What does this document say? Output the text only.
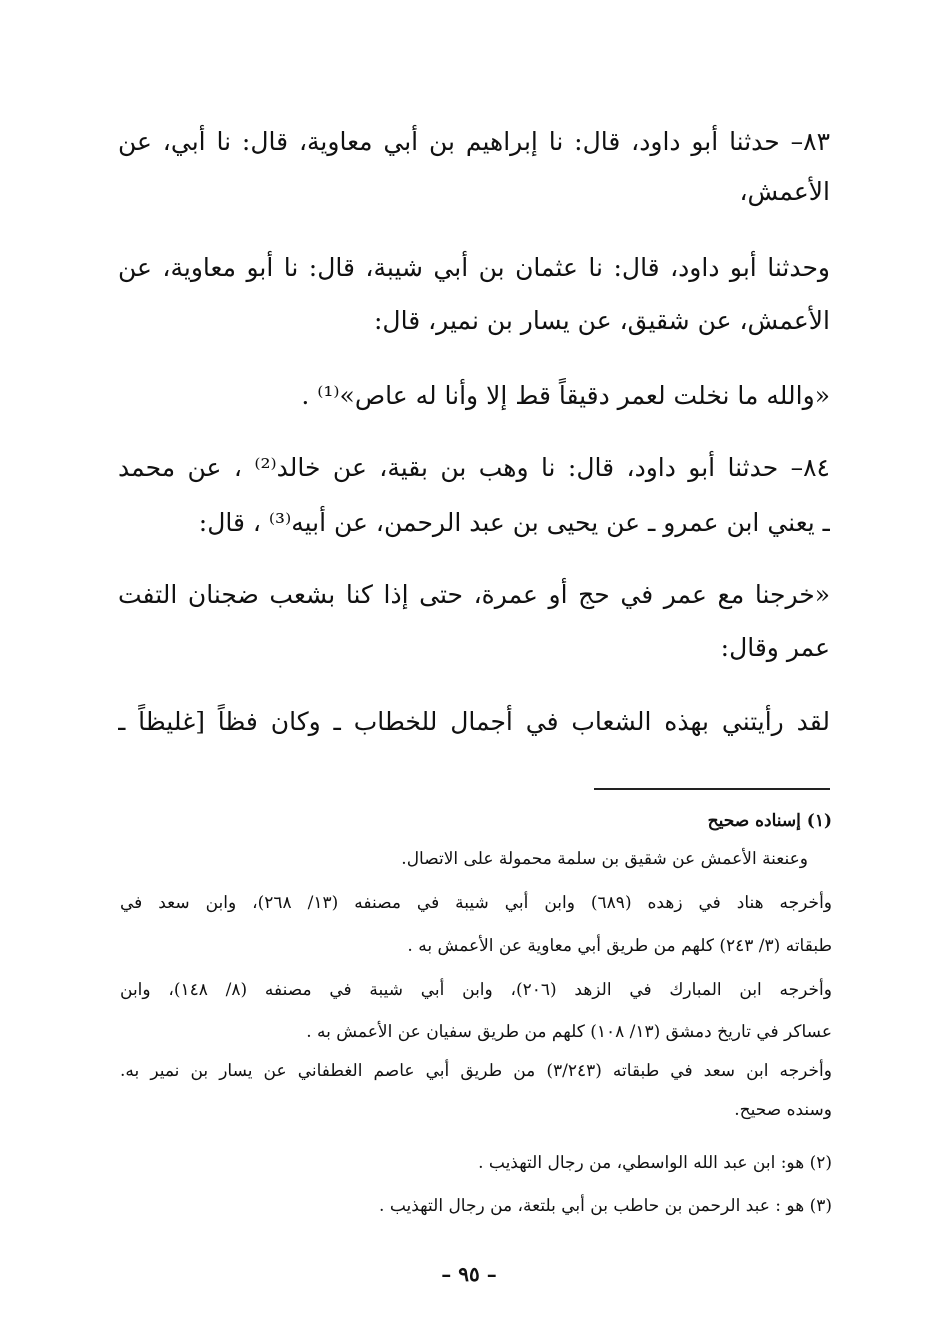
٨٣– حدثنا أبو داود، قال: نا إبراهيم بن أبي معاوية، قال: نا أبي، عن
الأعمش،
وحدثنا أبو داود، قال: نا عثمان بن أبي شيبة، قال: نا أبو معاوية، عن
الأعمش، عن شقيق، عن يسار بن نمير، قال:
«والله ما نخلت لعمر دقيقاً قط إلا وأنا له عاص»⁽¹⁾ .
٨٤– حدثنا أبو داود، قال: نا وهب بن بقية، عن خالد⁽²⁾ ، عن محمد
ـ يعني ابن عمرو ـ عن يحيى بن عبد الرحمن، عن أبيه⁽³⁾ ، قال:
«خرجنا مع عمر في حج أو عمرة، حتى إذا كنا بشعب ضجنان التفت
عمر وقال:
لقد رأيتني بهذه الشعاب في أجمال للخطاب ـ وكان فظاً [غليظاً ـ
(١) إسناده صحيح
وعنعنة الأعمش عن شقيق بن سلمة محمولة على الاتصال.
وأخرجه هناد في زهده (٦٨٩) وابن أبي شيبة في مصنفه (١٣/ ٢٦٨)، وابن سعد في
طبقاته (٣/ ٢٤٣) كلهم من طريق أبي معاوية عن الأعمش به .
وأخرجه ابن المبارك في الزهد (٢٠٦)، وابن أبي شيبة في مصنفه (٨/ ١٤٨)، وابن
عساكر في تاريخ دمشق (١٣/ ١٠٨) كلهم من طريق سفيان عن الأعمش به .
وأخرجه ابن سعد في طبقاته (٣/٢٤٣) من طريق أبي عاصم الغطفاني عن يسار بن نمير به.
وسنده صحيح.
(٢) هو: ابن عبد الله الواسطي، من رجال التهذيب .
(٣) هو : عبد الرحمن بن حاطب بن أبي بلتعة، من رجال التهذيب .
– ٩٥ –
